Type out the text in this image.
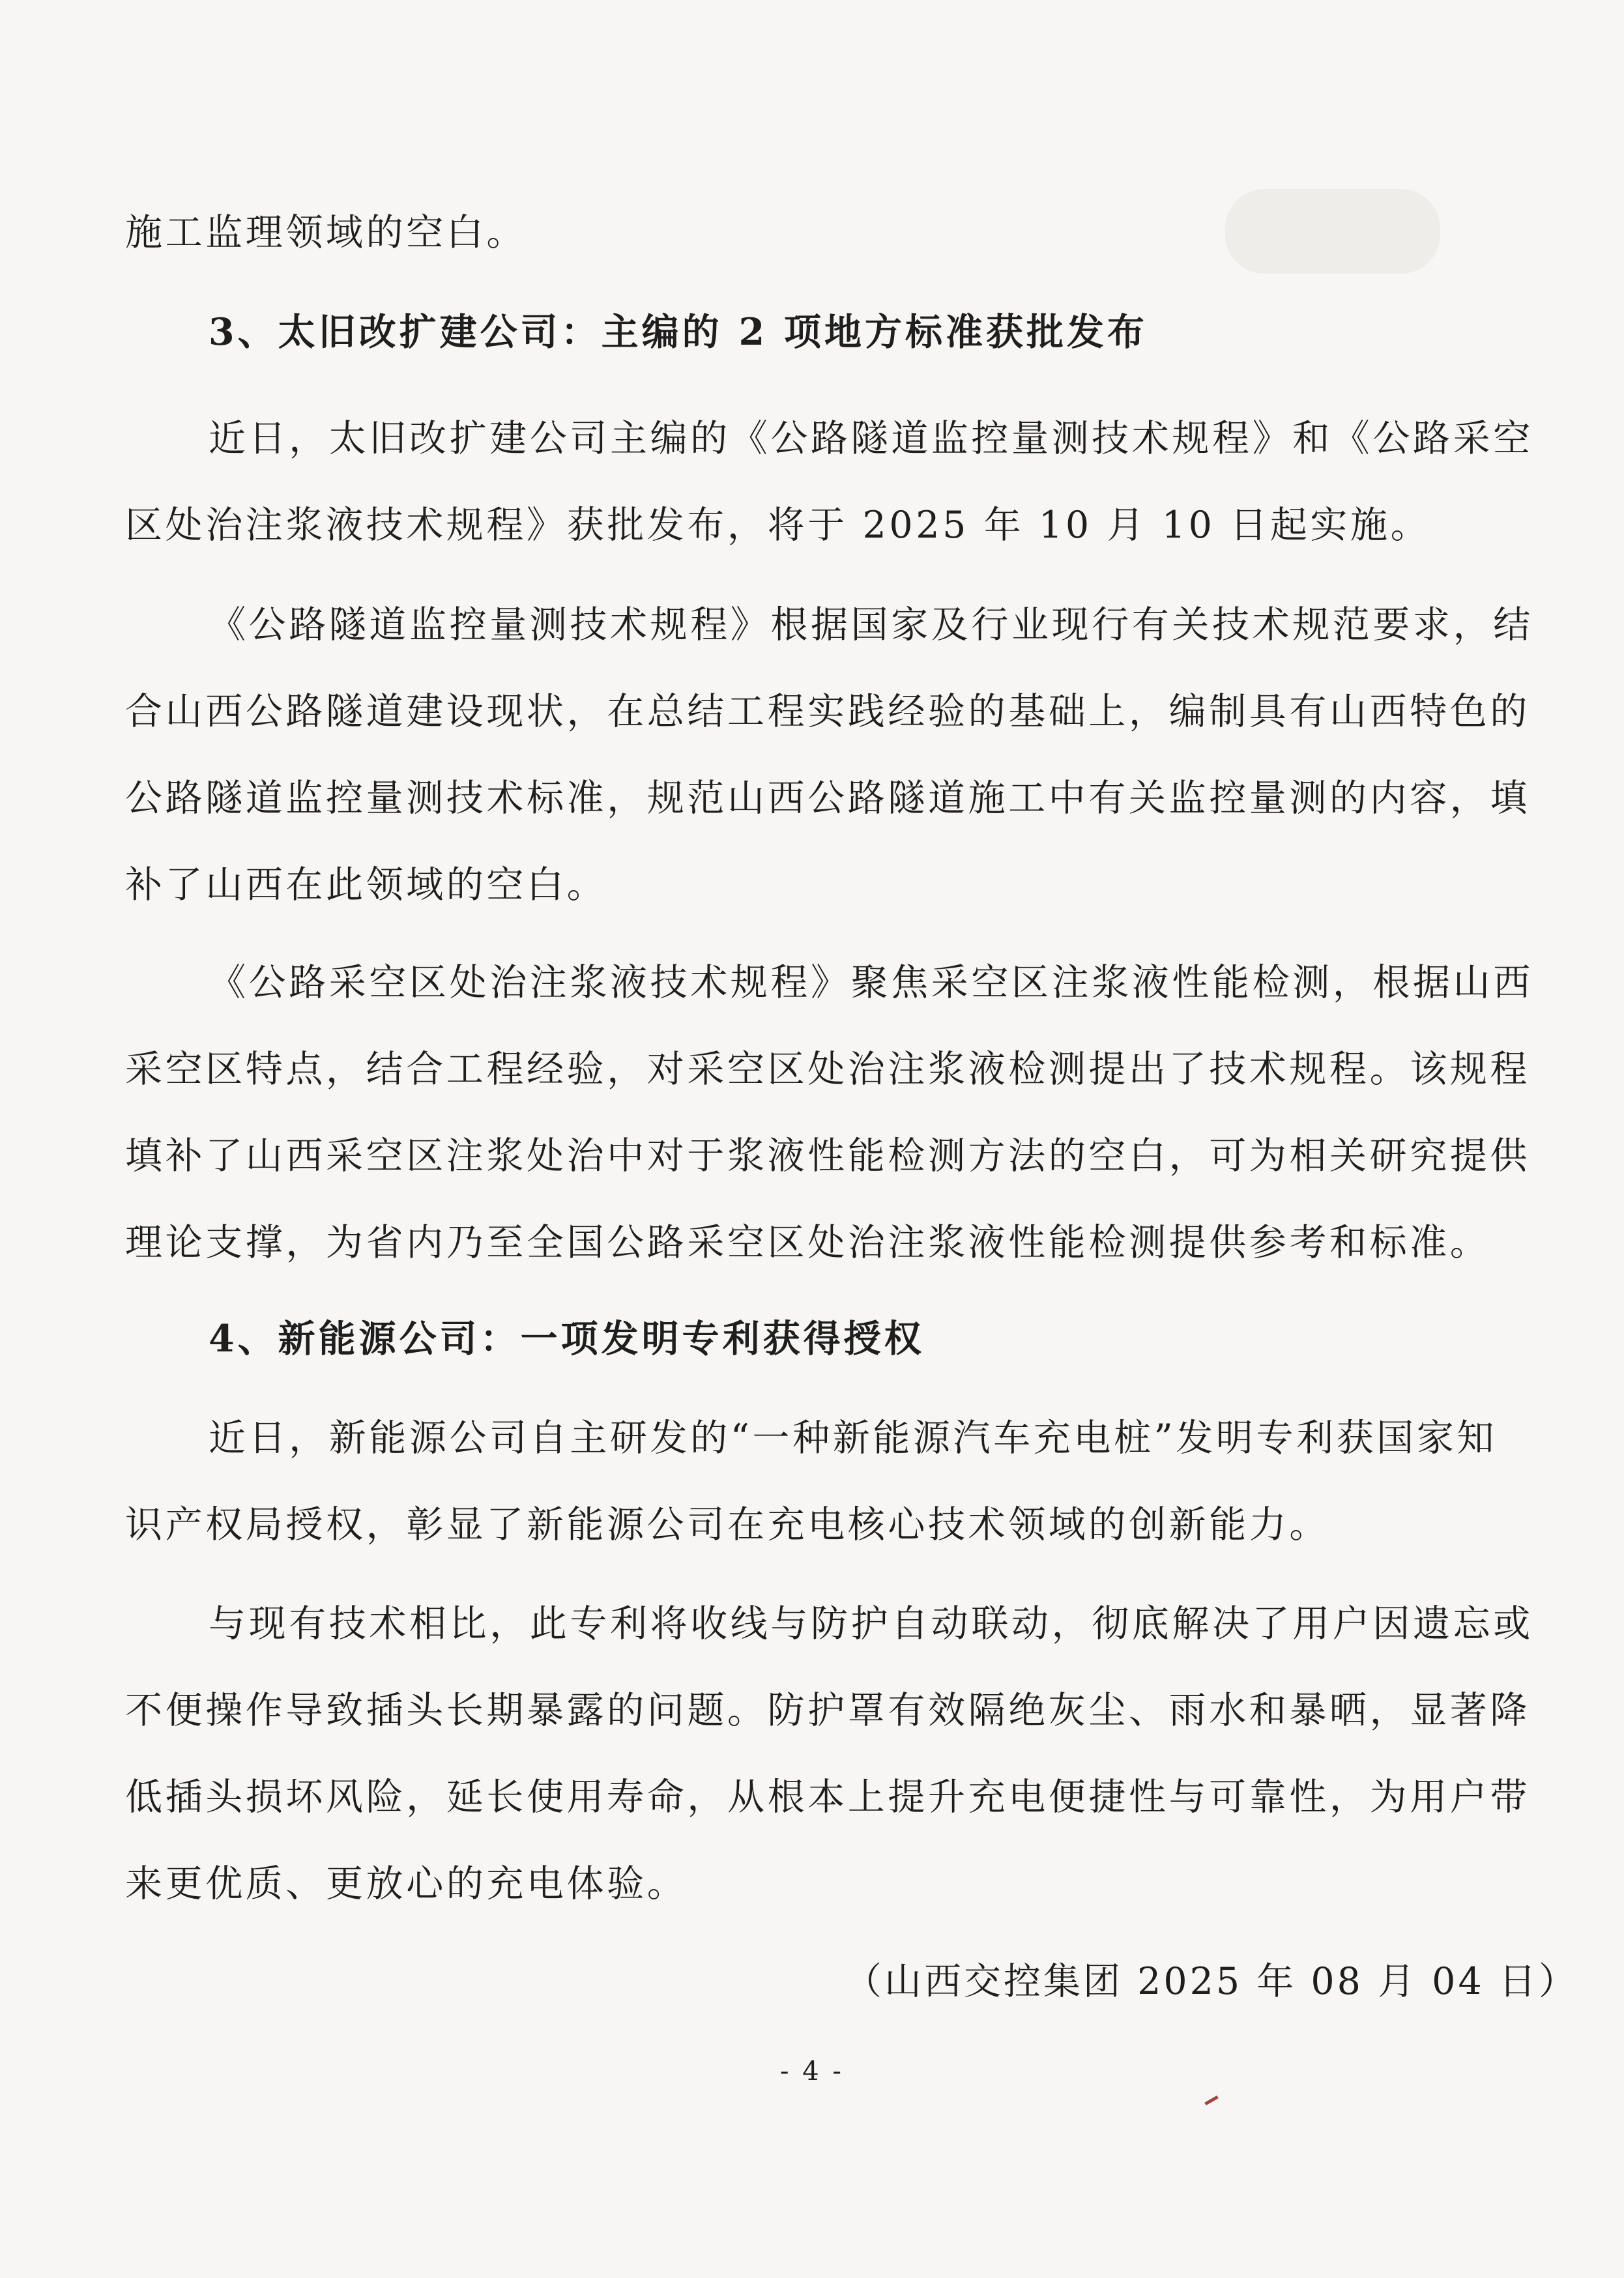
施工监理领域的空白。
3、太旧改扩建公司：主编的 2 项地方标准获批发布
近日，太旧改扩建公司主编的《公路隧道监控量测技术规程》和《公路采空
区处治注浆液技术规程》获批发布，将于 2025 年 10 月 10 日起实施。
《公路隧道监控量测技术规程》根据国家及行业现行有关技术规范要求，结
合山西公路隧道建设现状，在总结工程实践经验的基础上，编制具有山西特色的
公路隧道监控量测技术标准，规范山西公路隧道施工中有关监控量测的内容，填
补了山西在此领域的空白。
《公路采空区处治注浆液技术规程》聚焦采空区注浆液性能检测，根据山西
采空区特点，结合工程经验，对采空区处治注浆液检测提出了技术规程。该规程
填补了山西采空区注浆处治中对于浆液性能检测方法的空白，可为相关研究提供
理论支撑，为省内乃至全国公路采空区处治注浆液性能检测提供参考和标准。
4、新能源公司：一项发明专利获得授权
近日，新能源公司自主研发的“一种新能源汽车充电桩”发明专利获国家知
识产权局授权，彰显了新能源公司在充电核心技术领域的创新能力。
与现有技术相比，此专利将收线与防护自动联动，彻底解决了用户因遗忘或
不便操作导致插头长期暴露的问题。防护罩有效隔绝灰尘、雨水和暴晒，显著降
低插头损坏风险，延长使用寿命，从根本上提升充电便捷性与可靠性，为用户带
来更优质、更放心的充电体验。
（山西交控集团 2025 年 08 月 04 日）
- 4 -
